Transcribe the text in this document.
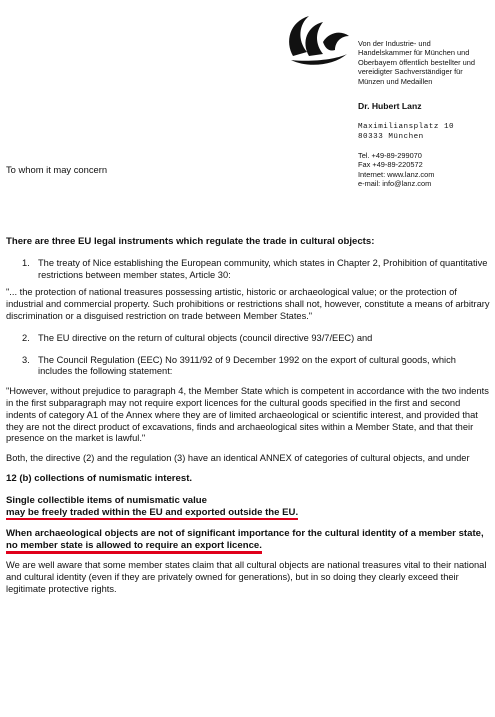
Von der Industrie- und
Handelskammer für München und
Oberbayern öffentlich bestellter und
vereidigter Sachverständiger für
Münzen und Medaillen
Dr. Hubert Lanz
Maximiliansplatz 10
80333 München
Tel. +49-89-299070
Fax +49-89-220572
Internet: www.lanz.com
e-mail: info@lanz.com
To whom it may concern
There are three EU legal instruments which regulate the trade in cultural objects:
1. The treaty of Nice establishing the European community, which states in Chapter 2, Prohibition of quantitative restrictions between member states, Article 30:

"... the protection of national treasures possessing artistic, historic or archaeological value; or the protection of industrial and commercial property. Such prohibitions or restrictions shall not, however, constitute a means of arbitrary discrimination or a disguised restriction on trade between Member States."

2. The EU directive on the return of cultural objects (council directive 93/7/EEC) and
3. The Council Regulation (EEC) No 3911/92 of 9 December 1992 on the export of cultural goods, which includes the following statement:

"However, without prejudice to paragraph 4, the Member State which is competent in accordance with the two indents in the first subparagraph may not require export licences for the cultural goods specified in the first and second indents of category A1 of the Annex where they are of limited archaeological or scientific interest, and provided that they are not the direct product of excavations, finds and archaeological sites within a Member State, and that their presence on the market is lawful."

Both, the directive (2) and the regulation (3) have an identical ANNEX of categories of cultural objects, and under

12 (b) collections of numismatic interest.
Single collectible items of numismatic value may be freely traded within the EU and exported outside the EU.
When archaeological objects are not of significant importance for the cultural identity of a member state, no member state is allowed to require an export licence.

We are well aware that some member states claim that all cultural objects are national treasures vital to their national and cultural identity (even if they are privately owned for generations), but in so doing they clearly exceed their legitimate protective rights.
